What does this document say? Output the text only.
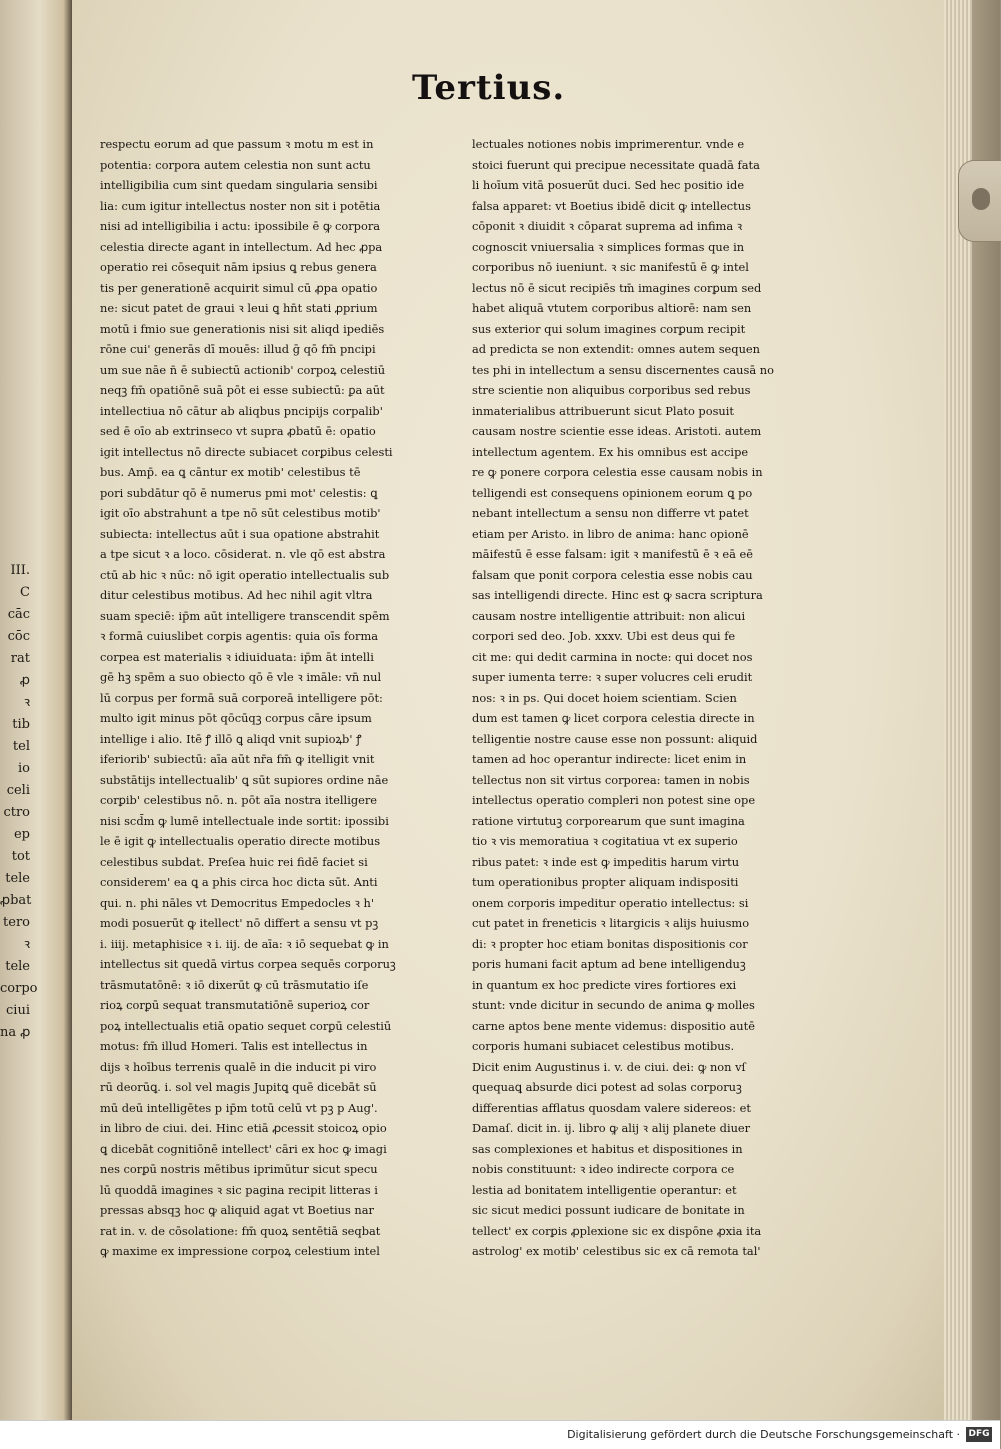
III.
C
cāc
cōc
rat
ꝓ
ꝛ
tib
tel
io
celi
ctro
ep
tot
tele
ꝓbat
tero
ꝛ
tele
corpo
ciui
na ꝓ
Tertius.
respectu eorum ad que passum ꝛ motu m est in
potentia: corpora autem celestia non sunt actu
intelligibilia cum sint quedam singularia sensibi
lia: cum igitur intellectus noster non sit i potētia
nisi ad intelligibilia i actu: ipossibile ē ꝙ corpora
celestia directe agant in intellectum. Ad hec ꝓpa
operatio rei cōsequit nām ipsius ꝗ rebus genera
tis per generationē acquirit simul cū ꝓpa opatio
ne: sicut patet de graui ꝛ leui ꝗ hn̄t stati ꝓprium
motū i fmio sue generationis nisi sit aliqd ipediēs
rōne cui' generās dī mouēs: illud ḡ qō fm̄ pncipi
um sue nāe n̄ ē subiectū actionib' corpoꝝ celestiū
neqꝫ fm̄ opatiōnē suā pōt ei esse subiectū: ꝑa aūt
intellectiua nō cātur ab aliqbus pncipijs corpalib'
sed ē oīo ab extrinseco vt supra ꝓbatū ē: opatio
igit intellectus nō directe subiacet corꝑibus celesti
bus. Amp̄. ea ꝗ cāntur ex motib' celestibus tē
pori subdātur qō ē numerus pmi mot' celestis: ꝗ
igit oīo abstrahunt a tpe nō sūt celestibus motib'
subiecta: intellectus aūt i sua opatione abstrahit
a tpe sicut ꝛ a loco. cōsiderat. n. vle qō est abstra
ctū ab hic ꝛ nūc: nō igit operatio intellectualis sub
ditur celestibus motibus. Ad hec nihil agit vltra
suam speciē: ip̄m aūt intelligere transcendit spēm
ꝛ formā cuiuslibet corꝑis agentis: quia oīs forma
corpea est materialis ꝛ idiuiduata: ip̄m āt intelli
gē hꝫ spēm a suo obiecto qō ē vle ꝛ imāle: vn̄ nul
lū corpus per formā suā corporeā intelligere pōt:
multo igit minus pōt qōcūqꝫ corpus cāre ipsum
intellige i alio. Itē ꝭ illō ꝗ aliqd vnit supioꝝb' ꝭ
iferiorib' subiectū: aīa aūt nr̄a fm̄ ꝙ itelligit vnit
substātijs intellectualib' ꝗ sūt supiores ordine nāe
corꝑib' celestibus nō. n. pōt aīa nostra itelligere
nisi scd̄m ꝙ lumē intellectuale inde sortit: ipossibi
le ē igit ꝙ intellectualis operatio directe motibus
celestibus subdat. Preſea huic rei fidē faciet si
considerem' ea ꝗ a phis circa hoc dicta sūt. Anti
qui. n. phi nāles vt Democritus Empedocles ꝛ h'
modi posuerūt ꝙ itellect' nō differt a sensu vt pꝫ
i. iiij. metaphisice ꝛ i. iij. de aīa: ꝛ iō sequebat ꝙ in
intellectus sit quedā virtus corpea sequēs corporuꝫ
trāsmutatōnē: ꝛ iō dixerūt ꝙ cū trāsmutatio iſe
rioꝝ corꝑū sequat transmutatiōnē superioꝝ cor
poꝝ intellectualis etiā opatio sequet corꝑū celestiū
motus: fm̄ illud Homeri. Talis est intellectus in
dijs ꝛ hoībus terrenis qualē in die inducit pi viro
rū deorūꝗ. i. sol vel magis Jupitꝗ quē dicebāt sū
mū deū intelligētes p ip̄m totū celū vt pꝫ p Aug'.
in libro de ciui. dei. Hinc etiā ꝓcessit stoicoꝝ opio
ꝗ dicebāt cognitiōnē intellect' cāri ex hoc ꝙ imagi
nes corꝑū nostris mētibus iprimūtur sicut specu
lū quoddā imagines ꝛ sic pagina recipit litteras i
pressas absqꝫ hoc ꝙ aliquid agat vt Boetius nar
rat in. v. de cōsolatione: fm̄ quoꝝ sentētiā seqbat
ꝙ maxime ex impressione corpoꝝ celestium intel
lectuales notiones nobis imprimerentur. vnde e
stoici fuerunt qui precipue necessitate quadā fata
li hoīum vitā posuerūt duci. Sed hec positio ide
falsa apparet: vt Boetius ibidē dicit ꝙ intellectus
cōponit ꝛ diuidit ꝛ cōparat suprema ad infima ꝛ
cognoscit vniuersalia ꝛ simplices formas que in
corporibus nō iueniunt. ꝛ sic manifestū ē ꝙ intel
lectus nō ē sicut recipiēs tm̄ imagines corꝑum sed
habet aliquā vtutem corporibus altiorē: nam sen
sus exterior qui solum imagines corꝑum recipit
ad predicta se non extendit: omnes autem sequen
tes phi in intellectum a sensu discernentes causā no
stre scientie non aliquibus corporibus sed rebus
inmaterialibus attribuerunt sicut Plato posuit
causam nostre scientie esse ideas. Aristoti. autem
intellectum agentem. Ex his omnibus est accipe
re ꝙ ponere corpora celestia esse causam nobis in
telligendi est consequens opinionem eorum ꝗ po
nebant intellectum a sensu non differre vt patet
etiam per Aristo. in libro de anima: hanc opionē
māifestū ē esse falsam: igit ꝛ manifestū ē ꝛ eā eē
falsam que ponit corpora celestia esse nobis cau
sas intelligendi directe. Hinc est ꝙ sacra scriptura
causam nostre intelligentie attribuit: non alicui
corpori sed deo. Job. xxxv. Ubi est deus qui fe
cit me: qui dedit carmina in nocte: qui docet nos
super iumenta terre: ꝛ super volucres celi erudit
nos: ꝛ in ps. Qui docet hoiem scientiam. Scien
dum est tamen ꝙ licet corpora celestia directe in
telligentie nostre cause esse non possunt: aliquid
tamen ad hoc operantur indirecte: licet enim in
tellectus non sit virtus corporea: tamen in nobis
intellectus operatio compleri non potest sine ope
ratione virtutuꝫ corporearum que sunt imagina
tio ꝛ vis memoratiua ꝛ cogitatiua vt ex superio
ribus patet: ꝛ inde est ꝙ impeditis harum virtu
tum operationibus propter aliquam indispositi
onem corporis impeditur operatio intellectus: si
cut patet in freneticis ꝛ litargicis ꝛ alijs huiusmo
di: ꝛ propter hoc etiam bonitas dispositionis cor
poris humani facit aptum ad bene intelligenduꝫ
in quantum ex hoc predicte vires fortiores exi
stunt: vnde dicitur in secundo de anima ꝙ molles
carne aptos bene mente videmus: dispositio autē
corporis humani subiacet celestibus motibus.
Dicit enim Augustinus i. v. de ciui. dei: ꝙ non vſ
quequaꝗ absurde dici potest ad solas corporuꝫ
differentias afflatus quosdam valere sidereos: et
Damaſ. dicit in. ij. libro ꝙ alij ꝛ alij planete diuer
sas complexiones et habitus et dispositiones in
nobis constituunt: ꝛ ideo indirecte corpora ce
lestia ad bonitatem intelligentie operantur: et
sic sicut medici possunt iudicare de bonitate in
tellect' ex corꝑis ꝓplexione sic ex dispōne ꝓxia ita
astrolog' ex motib' celestibus sic ex cā remota tal'
Digitalisierung gefördert durch die Deutsche Forschungsgemeinschaft · DFG
